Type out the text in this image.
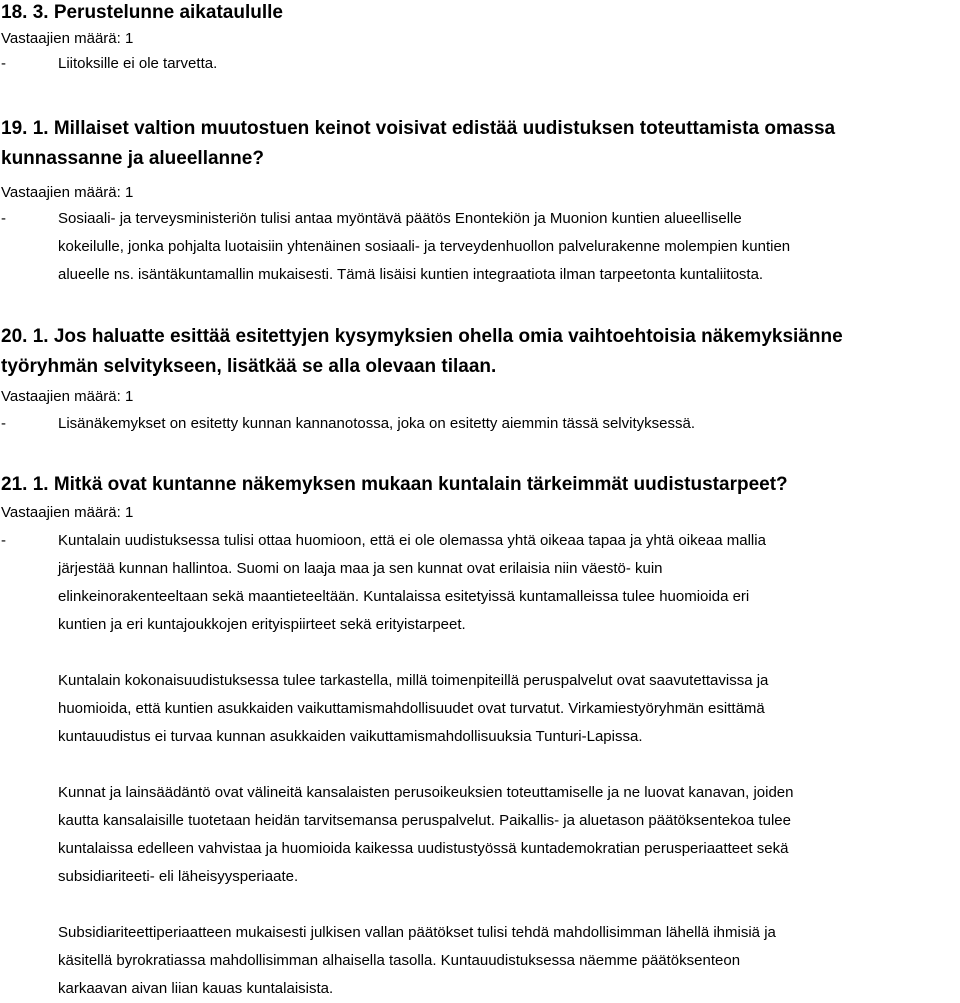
18. 3. Perustelunne aikataululle

Vastaajien määrä: 1

-	Liitoksille ei ole tarvetta.
19. 1. Millaiset valtion muutostuen keinot voisivat edistää uudistuksen toteuttamista omassa
kunnassanne ja alueellanne?

Vastaajien määrä: 1

-	Sosiaali- ja terveysministeriön tulisi antaa myöntävä päätös Enontekiön ja Muonion kuntien alueelliselle
kokeilulle, jonka pohjalta luotaisiin yhtenäinen sosiaali- ja terveydenhuollon palvelurakenne molempien kuntien
alueelle ns. isäntäkuntamallin mukaisesti. Tämä lisäisi kuntien integraatiota ilman tarpeetonta kuntaliitosta.
20. 1. Jos haluatte esittää esitettyjen kysymyksien ohella omia vaihtoehtoisia näkemyksiänne
työryhmän selvitykseen, lisätkää se alla olevaan tilaan.

Vastaajien määrä: 1

-	Lisänäkemykset on esitetty kunnan kannanotossa, joka on esitetty aiemmin tässä selvityksessä.
21. 1. Mitkä ovat kuntanne näkemyksen mukaan kuntalain tärkeimmät uudistustarpeet?

Vastaajien määrä: 1

-	Kuntalain uudistuksessa tulisi ottaa huomioon, että ei ole olemassa yhtä oikeaa tapaa ja yhtä oikeaa mallia
järjestää kunnan hallintoa. Suomi on laaja maa ja sen kunnat ovat erilaisia niin väestö- kuin
elinkeinorakenteeltaan sekä maantieteeltään. Kuntalaissa esitetyissä kuntamalleissa tulee huomioida eri
kuntien ja eri kuntajoukkojen erityispiirteet sekä erityistarpeet.
Kuntalain kokonaisuudistuksessa tulee tarkastella, millä toimenpiteillä peruspalvelut ovat saavutettavissa ja
huomioida, että kuntien asukkaiden vaikuttamismahdollisuudet ovat turvatut. Virkamiestyöryhmän esittämä
kuntauudistus ei turvaa kunnan asukkaiden vaikuttamismahdollisuuksia Tunturi-Lapissa.
Kunnat ja lainsäädäntö ovat välineitä kansalaisten perusoikeuksien toteuttamiselle ja ne luovat kanavan, joiden
kautta kansalaisille tuotetaan heidän tarvitsemansa peruspalvelut. Paikallis- ja aluetason päätöksentekoa tulee
kuntalaissa edelleen vahvistaa ja huomioida kaikessa uudistustyössä kuntademokratian perusperiaatteet sekä
subsidiariteeti- eli läheisyysperiaate.
Subsidiariteettiperiaatteen mukaisesti julkisen vallan päätökset tulisi tehdä mahdollisimman lähellä ihmisiä ja
käsitellä byrokratiassa mahdollisimman alhaisella tasolla. Kuntauudistuksessa näemme päätöksenteon
karkaavan aivan liian kauas kuntalaisista.
